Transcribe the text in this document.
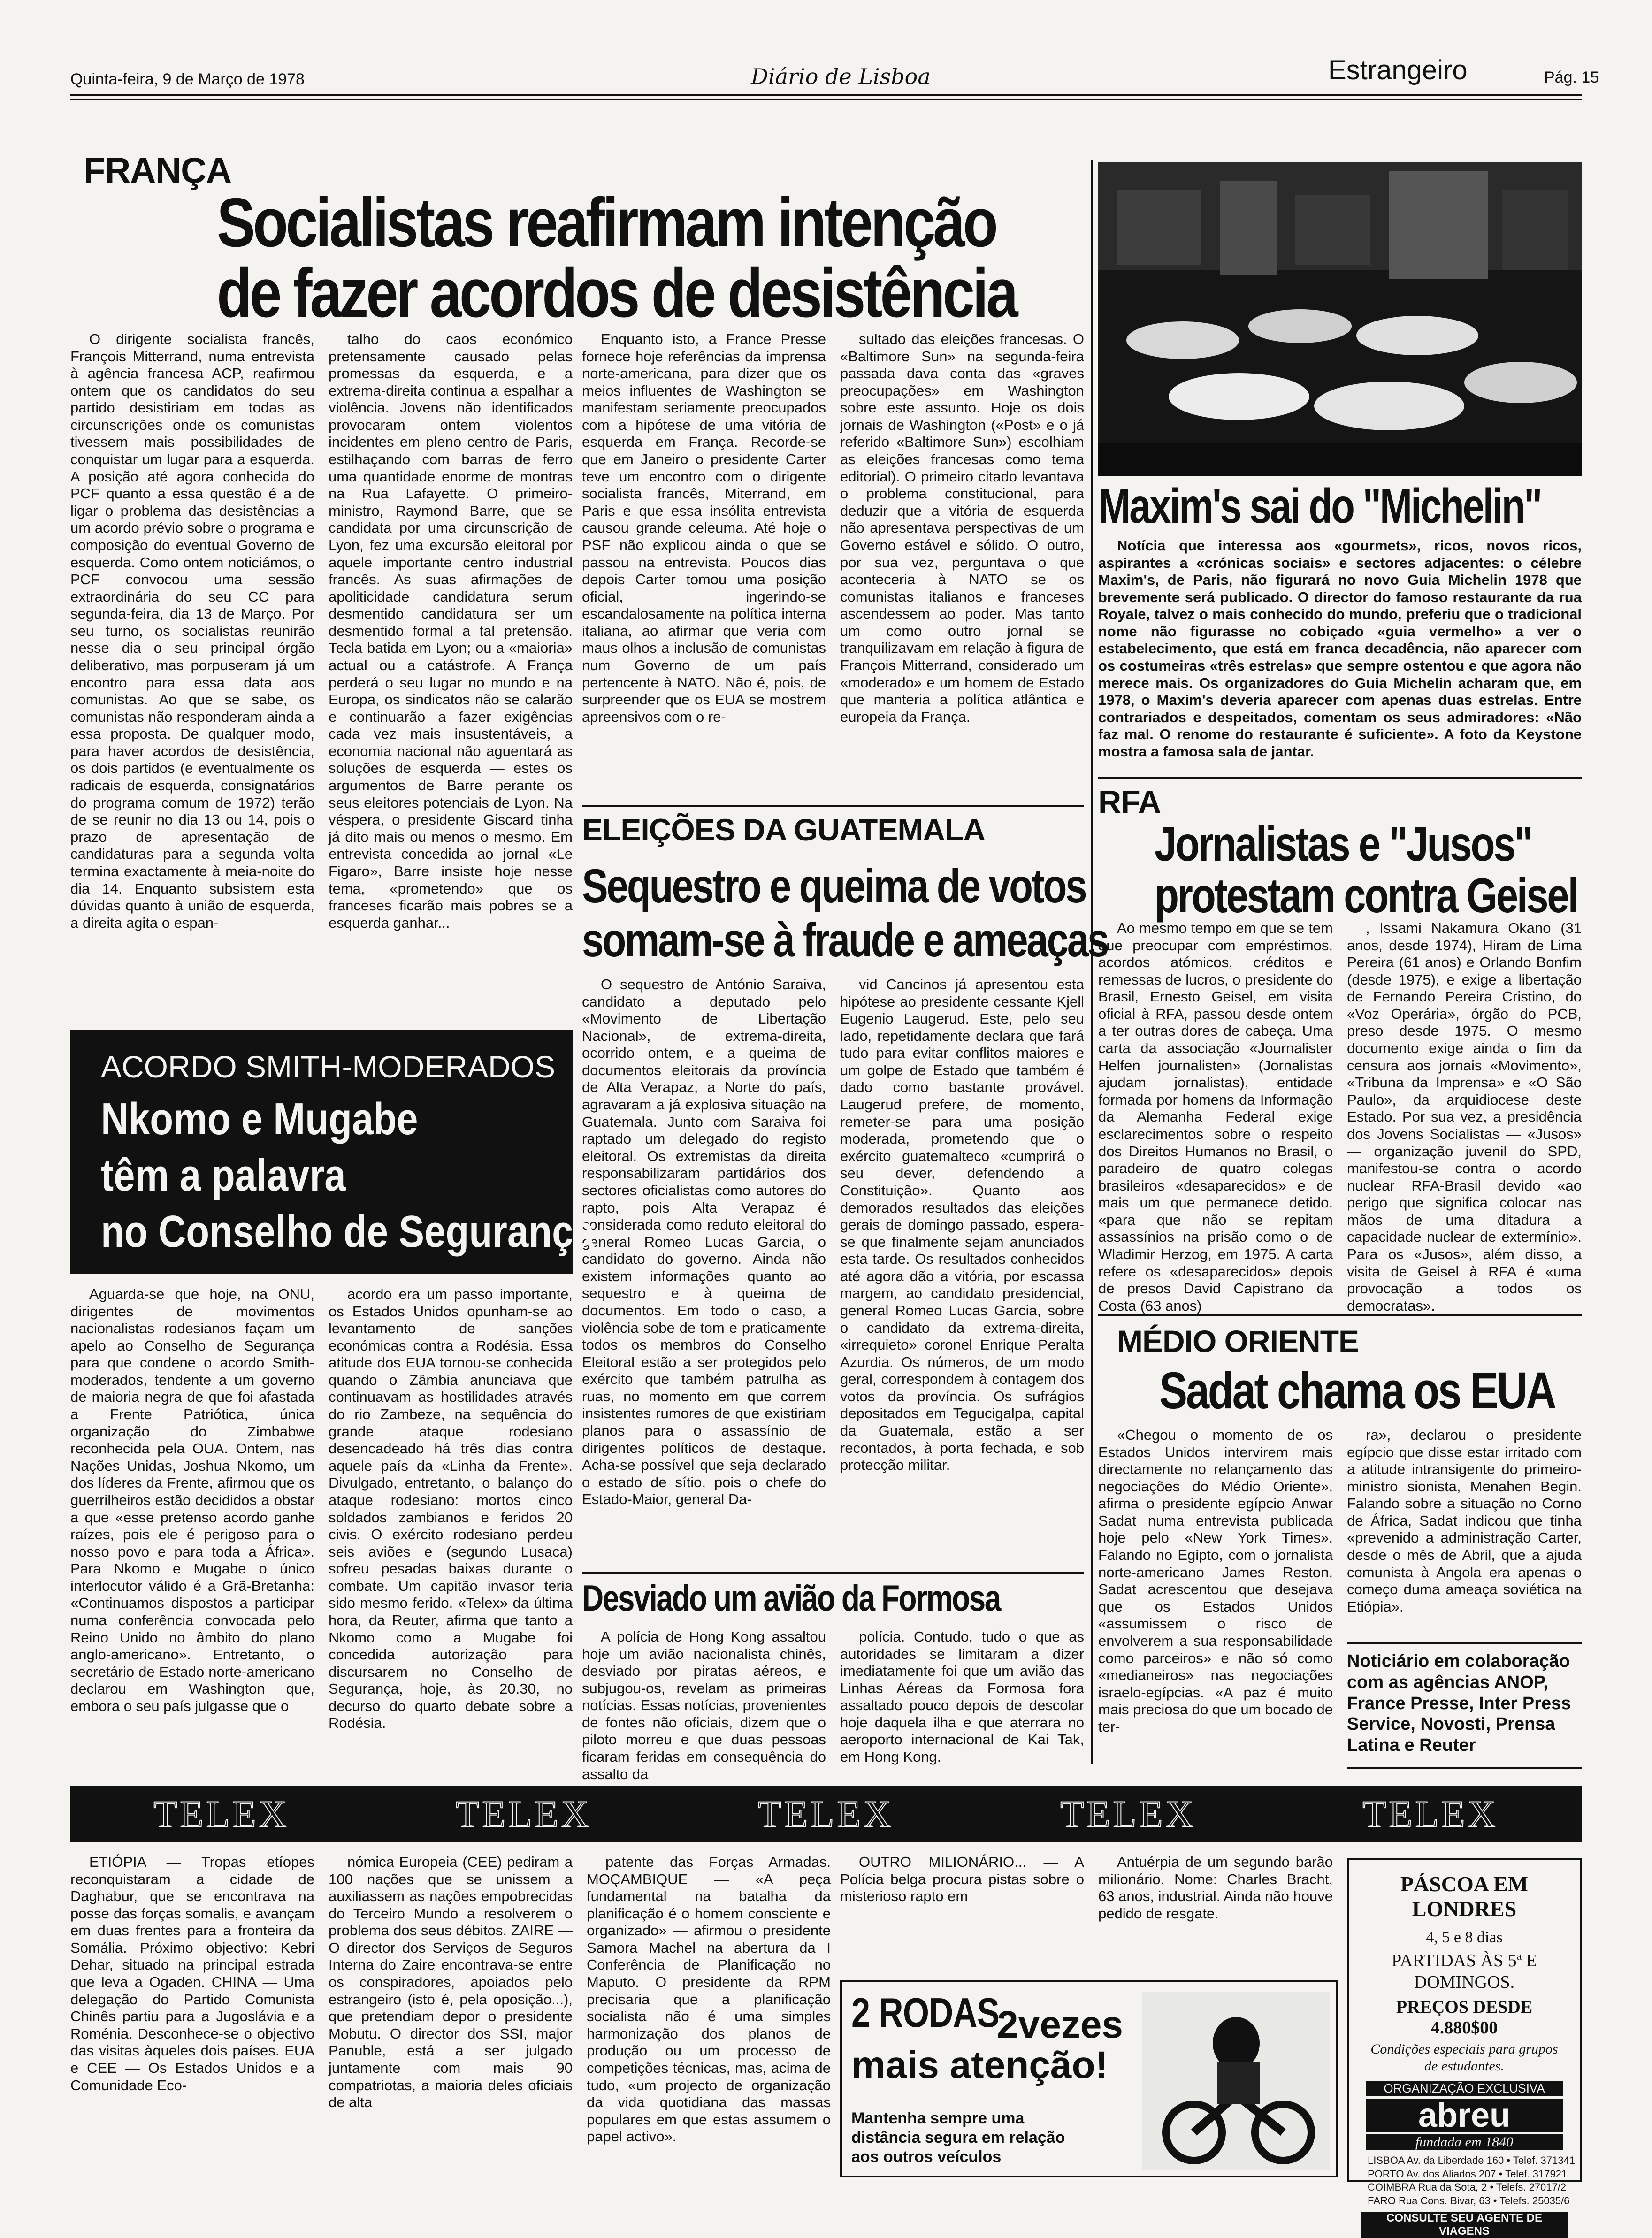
Quinta-feira, 9 de Março de 1978	Diário de Lisboa	Estrangeiro	Pág. 15
FRANÇA
Socialistas reafirmam intenção
de fazer acordos de desistência

O dirigente socialista francês, François Mitterrand, numa entrevista à agência francesa ACP, reafirmou ontem que os candidatos do seu partido desistiriam em todas as circunscrições onde os comunistas tivessem mais possibilidades de conquistar um lugar para a esquerda. A posição até agora conhecida do PCF quanto a essa questão é a de ligar o problema das desistências a um acordo prévio sobre o programa e composição do eventual Governo de esquerda. Como ontem noticiámos, o PCF convocou uma sessão extraordinária do seu CC para segunda-feira, dia 13 de Março. Por seu turno, os socialistas reunirão nesse dia o seu principal órgão deliberativo, mas porpuseram já um encontro para essa data aos comunistas. Ao que se sabe, os comunistas não responderam ainda a essa proposta. De qualquer modo, para haver acordos de desistência, os dois partidos (e eventualmente os radicais de esquerda, consignatários do programa comum de 1972) terão de se reunir no dia 13 ou 14, pois o prazo de apresentação de candidaturas para a segunda volta termina exactamente à meia-noite do dia 14. Enquanto subsistem esta dúvidas quanto à união de esquerda, a direita agita o espan-

talho do caos económico pretensamente causado pelas promessas da esquerda, e a extrema-direita continua a espalhar a violência. Jovens não identificados provocaram ontem violentos incidentes em pleno centro de Paris, estilhaçando com barras de ferro uma quantidade enorme de montras na Rua Lafayette. O primeiro-ministro, Raymond Barre, que se candidata por uma circunscrição de Lyon, fez uma excursão eleitoral por aquele importante centro industrial francês. As suas afirmações de apoliticidade candidatura serum desmentido candidatura ser um desmentido formal a tal pretensão. Tecla batida em Lyon; ou a «maioria» actual ou a catástrofe. A França perderá o seu lugar no mundo e na Europa, os sindicatos não se calarão e continuarão a fazer exigências cada vez mais insustentáveis, a economia nacional não aguentará as soluções de esquerda — estes os argumentos de Barre perante os seus eleitores potenciais de Lyon. Na véspera, o presidente Giscard tinha já dito mais ou menos o mesmo. Em entrevista concedida ao jornal «Le Figaro», Barre insiste hoje nesse tema, «prometendo» que os franceses ficarão mais pobres se a esquerda ganhar...

Enquanto isto, a France Presse fornece hoje referências da imprensa norte-americana, para dizer que os meios influentes de Washington se manifestam seriamente preocupados com a hipótese de uma vitória de esquerda em França. Recorde-se que em Janeiro o presidente Carter teve um encontro com o dirigente socialista francês, Miterrand, em Paris e que essa insólita entrevista causou grande celeuma. Até hoje o PSF não explicou ainda o que se passou na entrevista. Poucos dias depois Carter tomou uma posição oficial, ingerindo-se escandalosamente na política interna italiana, ao afirmar que veria com maus olhos a inclusão de comunistas num Governo de um país pertencente à NATO. Não é, pois, de surpreender que os EUA se mostrem apreensivos com o re-

sultado das eleições francesas. O «Baltimore Sun» na segunda-feira passada dava conta das «graves preocupações» em Washington sobre este assunto. Hoje os dois jornais de Washington («Post» e o já referido «Baltimore Sun») escolhiam as eleições francesas como tema editorial). O primeiro citado levantava o problema constitucional, para deduzir que a vitória de esquerda não apresentava perspectivas de um Governo estável e sólido. O outro, por sua vez, perguntava o que aconteceria à NATO se os comunistas italianos e franceses ascendessem ao poder. Mas tanto um como outro jornal se tranquilizavam em relação à figura de François Mitterrand, considerado um «moderado» e um homem de Estado que manteria a política atlântica e europeia da França.

Maxim's sai do "Michelin"

Notícia que interessa aos «gourmets», ricos, novos ricos, aspirantes a «crónicas sociais» e sectores adjacentes: o célebre Maxim's, de Paris, não figurará no novo Guia Michelin 1978 que brevemente será publicado. O director do famoso restaurante da rua Royale, talvez o mais conhecido do mundo, preferiu que o tradicional nome não figurasse no cobiçado «guia vermelho» a ver o estabelecimento, que está em franca decadência, não aparecer com os costumeiras «três estrelas» que sempre ostentou e que agora não merece mais. Os organizadores do Guia Michelin acharam que, em 1978, o Maxim's deveria aparecer com apenas duas estrelas. Entre contrariados e despeitados, comentam os seus admiradores: «Não faz mal. O renome do restaurante é suficiente». A foto da Keystone mostra a famosa sala de jantar.

RFA
Jornalistas e "Jusos"
protestam contra Geisel

Ao mesmo tempo em que se tem que preocupar com empréstimos, acordos atómicos, créditos e remessas de lucros, o presidente do Brasil, Ernesto Geisel, em visita oficial à RFA, passou desde ontem a ter outras dores de cabeça. Uma carta da associação «Journalister Helfen journalisten» (Jornalistas ajudam jornalistas), entidade formada por homens da Informação da Alemanha Federal exige esclarecimentos sobre o respeito dos Direitos Humanos no Brasil, o paradeiro de quatro colegas brasileiros «desaparecidos» e de mais um que permanece detido, «para que não se repitam assassínios na prisão como o de Wladimir Herzog, em 1975. A carta refere os «desaparecidos» depois de presos David Capistrano da Costa (63 anos)

, Issami Nakamura Okano (31 anos, desde 1974), Hiram de Lima Pereira (61 anos) e Orlando Bonfim (desde 1975), e exige a libertação de Fernando Pereira Cristino, do «Voz Operária», órgão do PCB, preso desde 1975. O mesmo documento exige ainda o fim da censura aos jornais «Movimento», «Tribuna da Imprensa» e «O São Paulo», da arquidiocese deste Estado. Por sua vez, a presidência dos Jovens Socialistas — «Jusos» — organização juvenil do SPD, manifestou-se contra o acordo nuclear RFA-Brasil devido «ao perigo que significa colocar nas mãos de uma ditadura a capacidade nuclear de extermínio». Para os «Jusos», além disso, a visita de Geisel à RFA é «uma provocação a todos os democratas».

ELEIÇÕES DA GUATEMALA
Sequestro e queima de votos
somam-se à fraude e ameaças

O sequestro de António Saraiva, candidato a deputado pelo «Movimento de Libertação Nacional», de extrema-direita, ocorrido ontem, e a queima de documentos eleitorais da província de Alta Verapaz, a Norte do país, agravaram a já explosiva situação na Guatemala. Junto com Saraiva foi raptado um delegado do registo eleitoral. Os extremistas da direita responsabilizaram partidários dos sectores oficialistas como autores do rapto, pois Alta Verapaz é considerada como reduto eleitoral do general Romeo Lucas Garcia, o candidato do governo. Ainda não existem informações quanto ao sequestro e à queima de documentos. Em todo o caso, a violência sobe de tom e praticamente todos os membros do Conselho Eleitoral estão a ser protegidos pelo exército que também patrulha as ruas, no momento em que correm insistentes rumores de que existiriam planos para o assassínio de dirigentes políticos de destaque. Acha-se possível que seja declarado o estado de sítio, pois o chefe do Estado-Maior, general Da-

vid Cancinos já apresentou esta hipótese ao presidente cessante Kjell Eugenio Laugerud. Este, pelo seu lado, repetidamente declara que fará tudo para evitar conflitos maiores e um golpe de Estado que também é dado como bastante provável. Laugerud prefere, de momento, remeter-se para uma posição moderada, prometendo que o exército guatemalteco «cumprirá o seu dever, defendendo a Constituição». Quanto aos demorados resultados das eleições gerais de domingo passado, espera-se que finalmente sejam anunciados esta tarde. Os resultados conhecidos até agora dão a vitória, por escassa margem, ao candidato presidencial, general Romeo Lucas Garcia, sobre o candidato da extrema-direita, «irrequieto» coronel Enrique Peralta Azurdia. Os números, de um modo geral, correspondem à contagem dos votos da província. Os sufrágios depositados em Tegucigalpa, capital da Guatemala, estão a ser recontados, à porta fechada, e sob protecção militar.

ACORDO SMITH-MODERADOS
Nkomo e Mugabe
têm a palavra
no Conselho de Segurança

Aguarda-se que hoje, na ONU, dirigentes de movimentos nacionalistas rodesianos façam um apelo ao Conselho de Segurança para que condene o acordo Smith-moderados, tendente a um governo de maioria negra de que foi afastada a Frente Patriótica, única organização do Zimbabwe reconhecida pela OUA. Ontem, nas Nações Unidas, Joshua Nkomo, um dos líderes da Frente, afirmou que os guerrilheiros estão decididos a obstar a que «esse pretenso acordo ganhe raízes, pois ele é perigoso para o nosso povo e para toda a África». Para Nkomo e Mugabe o único interlocutor válido é a Grã-Bretanha: «Continuamos dispostos a participar numa conferência convocada pelo Reino Unido no âmbito do plano anglo-americano». Entretanto, o secretário de Estado norte-americano declarou em Washington que, embora o seu país julgasse que o

acordo era um passo importante, os Estados Unidos opunham-se ao levantamento de sanções económicas contra a Rodésia. Essa atitude dos EUA tornou-se conhecida quando o Zâmbia anunciava que continuavam as hostilidades através do rio Zambeze, na sequência do grande ataque rodesiano desencadeado há três dias contra aquele país da «Linha da Frente». Divulgado, entretanto, o balanço do ataque rodesiano: mortos cinco soldados zambianos e feridos 20 civis. O exército rodesiano perdeu seis aviões e (segundo Lusaca) sofreu pesadas baixas durante o combate. Um capitão invasor teria sido mesmo ferido. «Telex» da última hora, da Reuter, afirma que tanto a Nkomo como a Mugabe foi concedida autorização para discursarem no Conselho de Segurança, hoje, às 20.30, no decurso do quarto debate sobre a Rodésia.

Desviado um avião da Formosa

A polícia de Hong Kong assaltou hoje um avião nacionalista chinês, desviado por piratas aéreos, e subjugou-os, revelam as primeiras notícias. Essas notícias, provenientes de fontes não oficiais, dizem que o piloto morreu e que duas pessoas ficaram feridas em consequência do assalto da

polícia. Contudo, tudo o que as autoridades se limitaram a dizer imediatamente foi que um avião das Linhas Aéreas da Formosa fora assaltado pouco depois de descolar hoje daquela ilha e que aterrara no aeroporto internacional de Kai Tak, em Hong Kong.

MÉDIO ORIENTE
Sadat chama os EUA

«Chegou o momento de os Estados Unidos intervirem mais directamente no relançamento das negociações do Médio Oriente», afirma o presidente egípcio Anwar Sadat numa entrevista publicada hoje pelo «New York Times». Falando no Egipto, com o jornalista norte-americano James Reston, Sadat acrescentou que desejava que os Estados Unidos «assumissem o risco de envolverem a sua responsabilidade como parceiros» e não só como «medianeiros» nas negociações israelo-egípcias. «A paz é muito mais preciosa do que um bocado de ter-

ra», declarou o presidente egípcio que disse estar irritado com a atitude intransigente do primeiro-ministro sionista, Menahen Begin. Falando sobre a situação no Corno de África, Sadat indicou que tinha «prevenido a administração Carter, desde o mês de Abril, que a ajuda comunista à Angola era apenas o começo duma ameaça soviética na Etiópia».

Noticiário em colaboração com as agências ANOP, France Presse, Inter Press Service, Novosti, Prensa Latina e Reuter
TELEX	TELEX	TELEX	TELEX	TELEX

ETIÓPIA — Tropas etíopes reconquistaram a cidade de Daghabur, que se encontrava na posse das forças somalis, e avançam em duas frentes para a fronteira da Somália. Próximo objectivo: Kebri Dehar, situado na principal estrada que leva a Ogaden. CHINA — Uma delegação do Partido Comunista Chinês partiu para a Jugoslávia e a Roménia. Desconhece-se o objectivo das visitas àqueles dois países. EUA e CEE — Os Estados Unidos e a Comunidade Eco-

nómica Europeia (CEE) pediram a 100 nações que se unissem a auxiliassem as nações empobrecidas do Terceiro Mundo a resolverem o problema dos seus débitos. ZAIRE — O director dos Serviços de Seguros Interna do Zaire encontrava-se entre os conspiradores, apoiados pelo estrangeiro (isto é, pela oposição...), que pretendiam depor o presidente Mobutu. O director dos SSI, major Panuble, está a ser julgado juntamente com mais 90 compatriotas, a maioria deles oficiais de alta

patente das Forças Armadas. MOÇAMBIQUE — «A peça fundamental na batalha da planificação é o homem consciente e organizado» — afirmou o presidente Samora Machel na abertura da I Conferência de Planificação no Maputo. O presidente da RPM precisaria que a planificação socialista não é uma simples harmonização dos planos de produção ou um processo de competições técnicas, mas, acima de tudo, «um projecto de organização da vida quotidiana das massas populares em que estas assumem o papel activo».

OUTRO MILIONÁRIO... — A Polícia belga procura pistas sobre o misterioso rapto em

Antuérpia de um segundo barão milionário. Nome: Charles Bracht, 63 anos, industrial. Ainda não houve pedido de resgate.

2 RODAS
2vezes
mais atenção!
Mantenha sempre uma distância segura em relação aos outros veículos
PÁSCOA EM LONDRES
4, 5 e 8 dias
PARTIDAS ÀS 5ª E DOMINGOS.
PREÇOS DESDE
4.880$00
Condições especiais para grupos de estudantes.
ORGANIZAÇÃO EXCLUSIVA
abreu
fundada em 1840
LISBOA Av. da Liberdade 160 • Telef. 371341
PORTO Av. dos Aliados 207 • Telef. 317921
COIMBRA Rua da Sota, 2 • Telefs. 27017/2
FARO Rua Cons. Bivar, 63 • Telefs. 25035/6
CONSULTE SEU AGENTE DE VIAGENS
